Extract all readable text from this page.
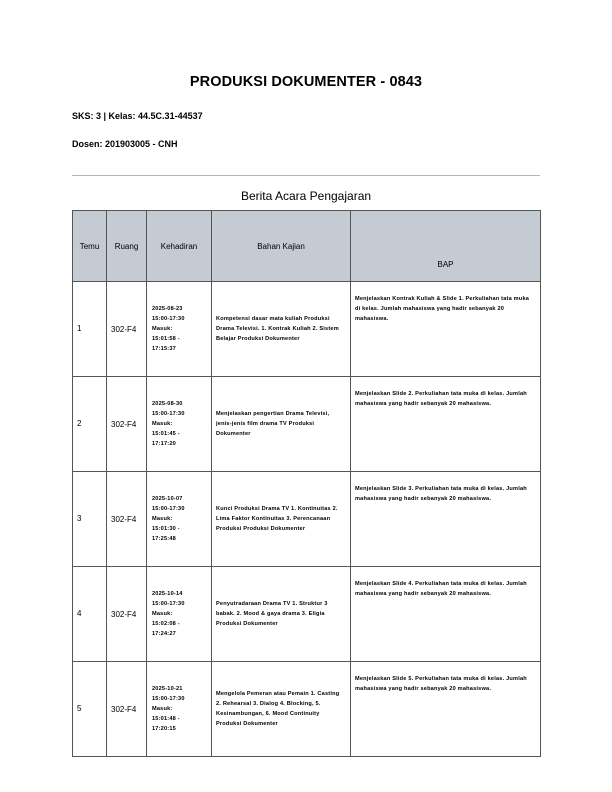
PRODUKSI DOKUMENTER - 0843
SKS: 3 | Kelas: 44.5C.31-44537
Dosen: 201903005 - CNH
Berita Acara Pengajaran
Temu	Ruang	Kehadiran	Bahan Kajian	BAP
1	302-F4	2025-08-23
15:00-17:30
Masuk:
15:01:58 -
17:15:37	Kompetensi dasar mata kuliah Produksi Drama Televisi. 1. Kontrak Kuliah 2. Sistem Belajar Produksi Dokumenter	Menjelaskan Kontrak Kuliah & Slide 1. Perkuliahan tata muka di kelas. Jumlah mahasiswa yang hadir sebanyak 20 mahasiswa.
2	302-F4	2025-08-30
15:00-17:30
Masuk:
15:01:45 -
17:17:20	Menjelaskan pengertian Drama Televisi, jenis-jenis film drama TV Produksi Dokumenter	Menjelaskan Slide 2. Perkuliahan tata muka di kelas. Jumlah mahasiswa yang hadir sebanyak 20 mahasiswa.
3	302-F4	2025-10-07
15:00-17:30
Masuk:
15:01:30 -
17:25:48	Kunci Produksi Drama TV 1. Kontinuitas 2. Lima Faktor Kontinuitas 3. Perencanaan Produksi Produksi Dokumenter	Menjelaskan Slide 3. Perkuliahan tata muka di kelas. Jumlah mahasiswa yang hadir sebanyak 20 mahasiswa.
4	302-F4	2025-10-14
15:00-17:30
Masuk:
15:02:08 -
17:24:27	Penyutradaraan Drama TV 1. Struktur 3 babak. 2. Mood & gaya drama 3. Eligia Produksi Dokumenter	Menjelaskan Slide 4. Perkuliahan tata muka di kelas. Jumlah mahasiswa yang hadir sebanyak 20 mahasiswa.
5	302-F4	2025-10-21
15:00-17:30
Masuk:
15:01:48 -
17:20:15	Mengelola Pemeran atau Pemain 1. Casting 2. Rehearsal 3. Dialog 4. Blocking, 5. Kesinambungan, 6. Mood Continuity Produksi Dokumenter	Menjelaskan Slide 5. Perkuliahan tata muka di kelas. Jumlah mahasiswa yang hadir sebanyak 20 mahasiswa.
